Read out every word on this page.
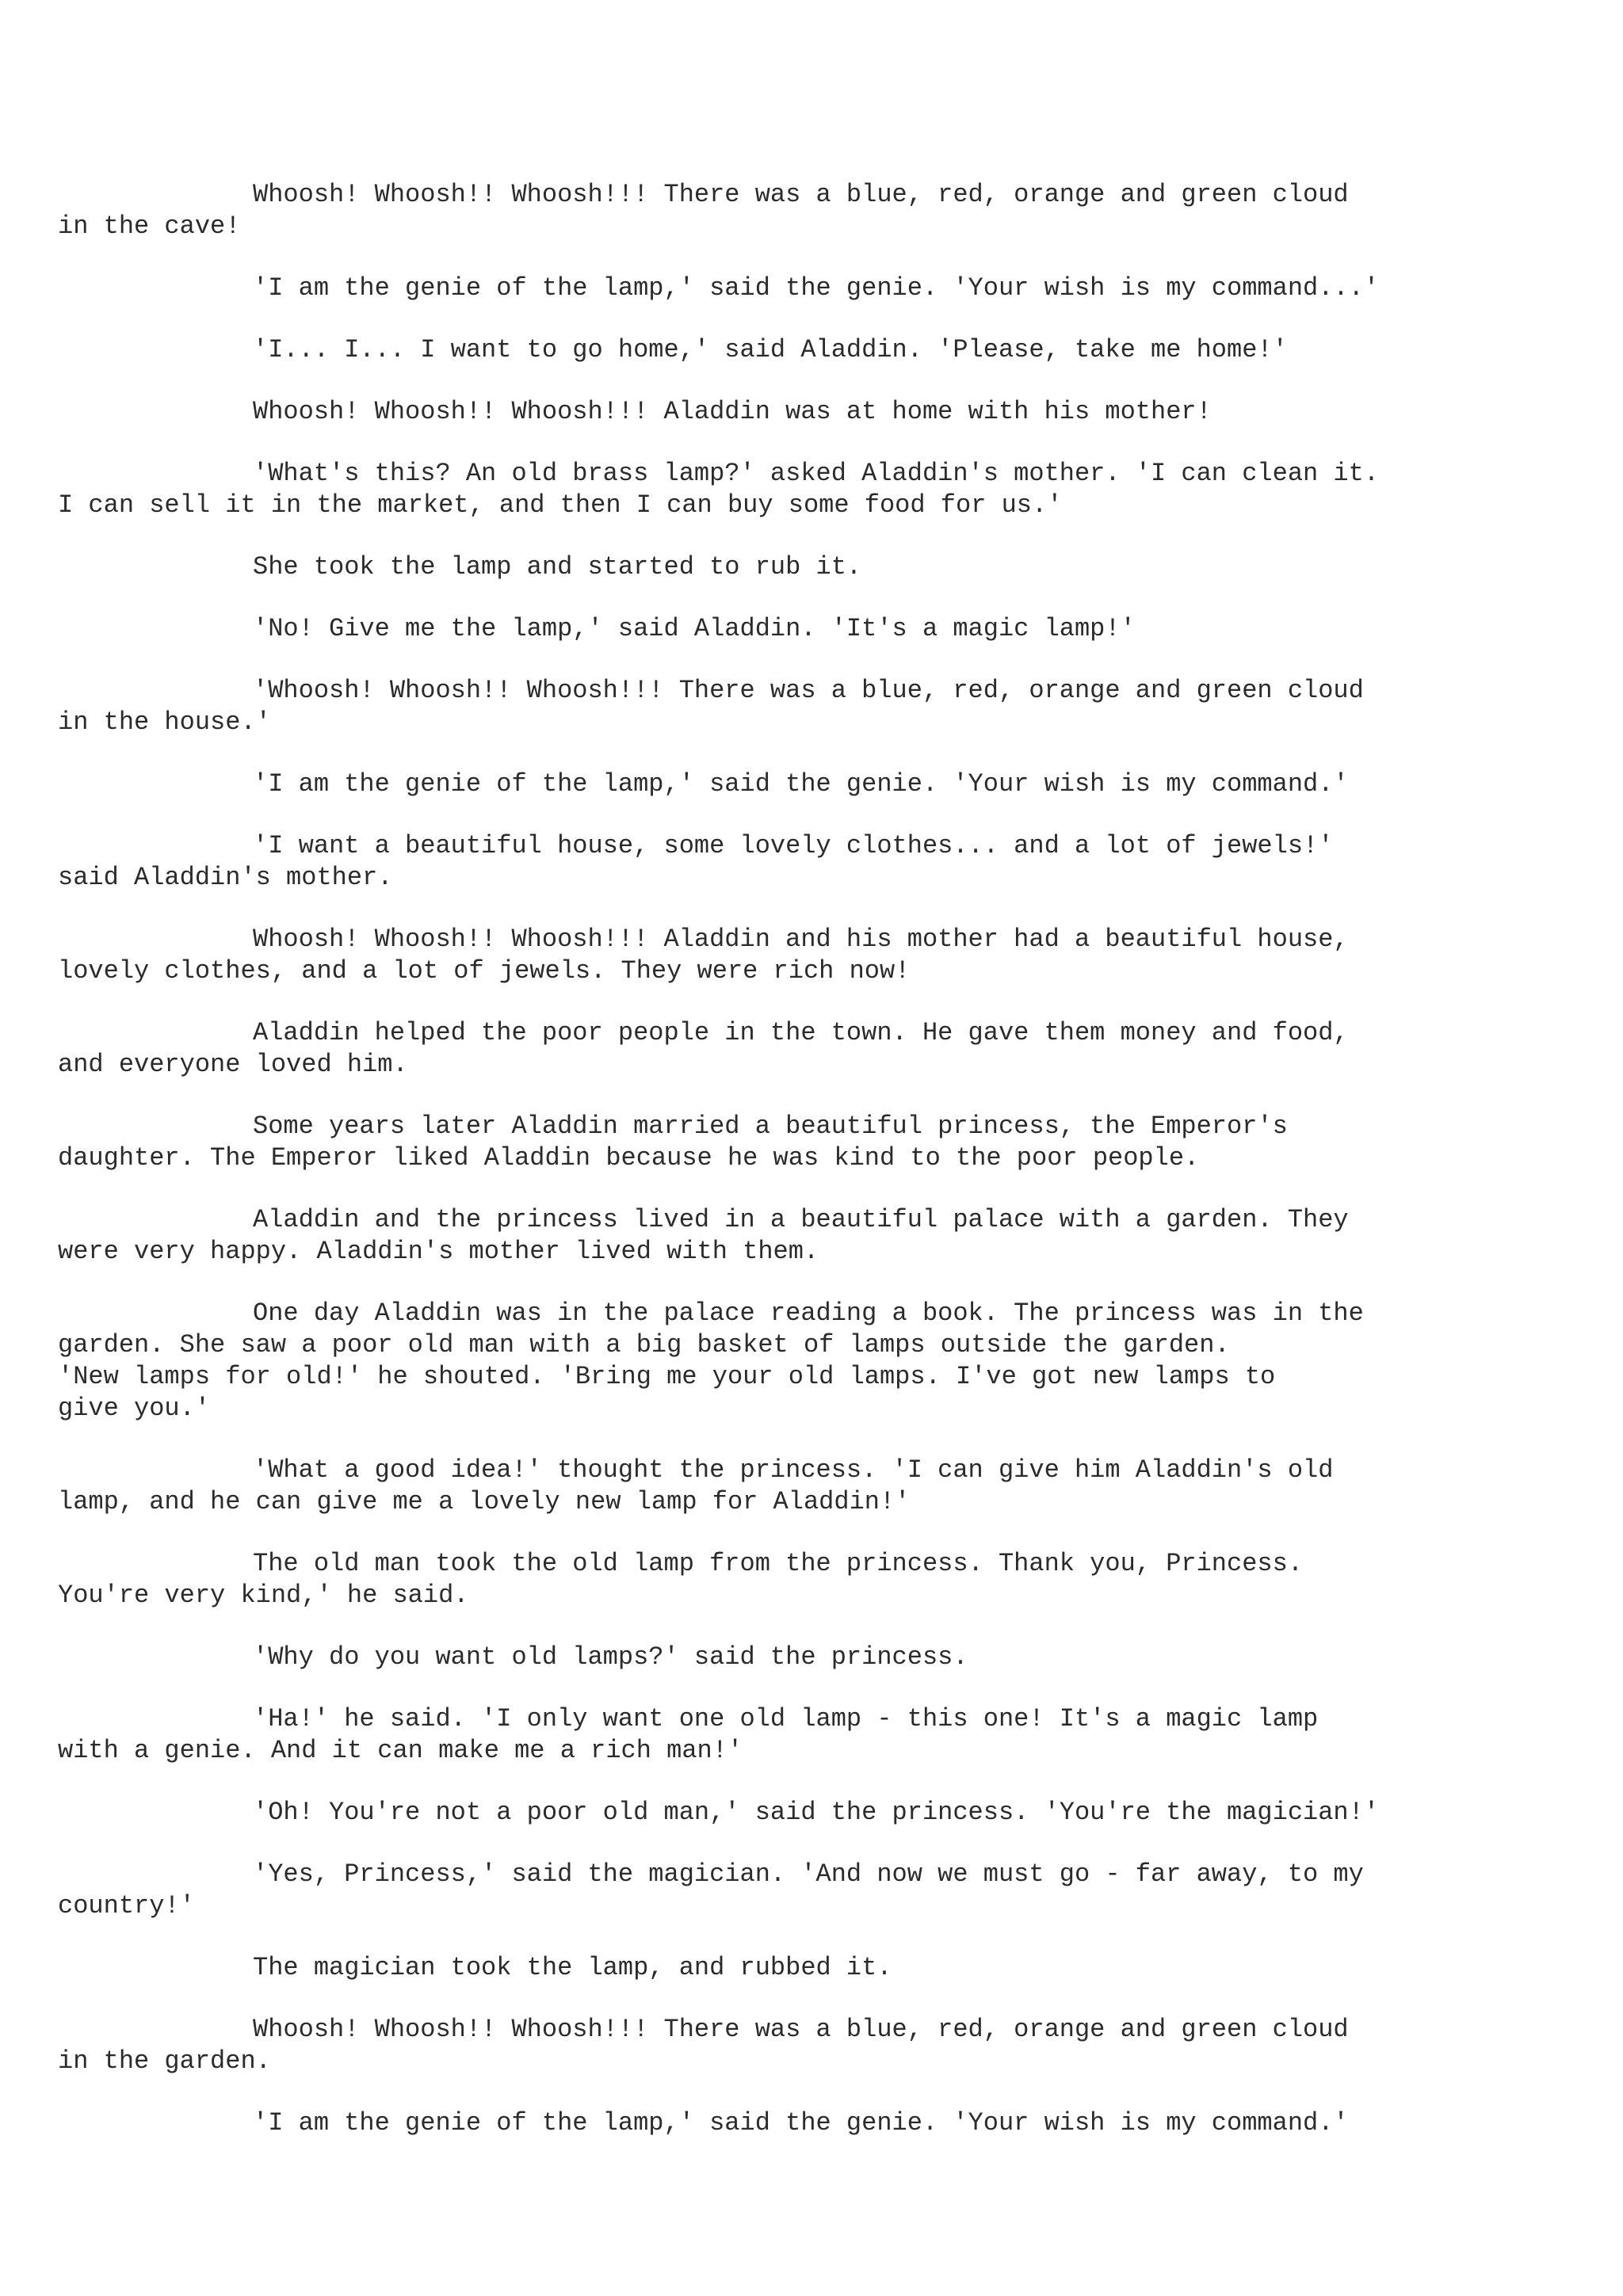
Whoosh! Whoosh!! Whoosh!!! There was a blue, red, orange and green cloud
in the cave!

'I am the genie of the lamp,' said the genie. 'Your wish is my command...'

'I... I... I want to go home,' said Aladdin. 'Please, take me home!'

Whoosh! Whoosh!! Whoosh!!! Aladdin was at home with his mother!

'What's this? An old brass lamp?' asked Aladdin's mother. 'I can clean it.
I can sell it in the market, and then I can buy some food for us.'

She took the lamp and started to rub it.

'No! Give me the lamp,' said Aladdin. 'It's a magic lamp!'

'Whoosh! Whoosh!! Whoosh!!! There was a blue, red, orange and green cloud
in the house.'

'I am the genie of the lamp,' said the genie. 'Your wish is my command.'

'I want a beautiful house, some lovely clothes... and a lot of jewels!'
said Aladdin's mother.

Whoosh! Whoosh!! Whoosh!!! Aladdin and his mother had a beautiful house,
lovely clothes, and a lot of jewels. They were rich now!

Aladdin helped the poor people in the town. He gave them money and food,
and everyone loved him.

Some years later Aladdin married a beautiful princess, the Emperor's
daughter. The Emperor liked Aladdin because he was kind to the poor people.

Aladdin and the princess lived in a beautiful palace with a garden. They
were very happy. Aladdin's mother lived with them.

One day Aladdin was in the palace reading a book. The princess was in the
garden. She saw a poor old man with a big basket of lamps outside the garden.
'New lamps for old!' he shouted. 'Bring me your old lamps. I've got new lamps to
give you.'

'What a good idea!' thought the princess. 'I can give him Aladdin's old
lamp, and he can give me a lovely new lamp for Aladdin!'

The old man took the old lamp from the princess. Thank you, Princess.
You're very kind,' he said.

'Why do you want old lamps?' said the princess.

'Ha!' he said. 'I only want one old lamp - this one! It's a magic lamp
with a genie. And it can make me a rich man!'

'Oh! You're not a poor old man,' said the princess. 'You're the magician!'

'Yes, Princess,' said the magician. 'And now we must go - far away, to my
country!'

The magician took the lamp, and rubbed it.

Whoosh! Whoosh!! Whoosh!!! There was a blue, red, orange and green cloud
in the garden.

'I am the genie of the lamp,' said the genie. 'Your wish is my command.'
